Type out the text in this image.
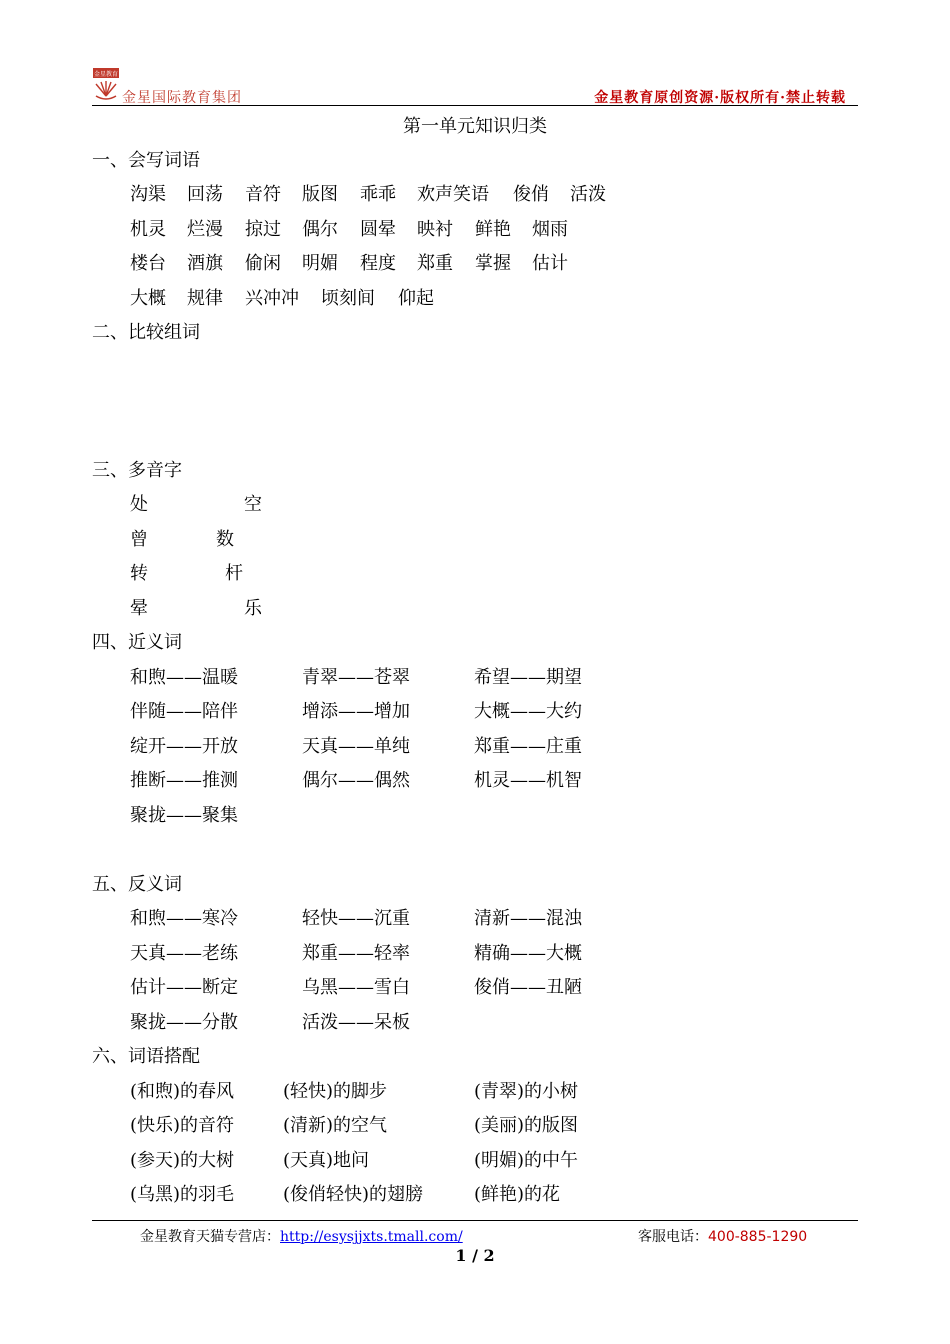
金星教育
金星国际教育集团	金星教育原创资源·版权所有·禁止转载
第一单元知识归类
一、会写词语
沟渠 回荡 音符 版图 乖乖 欢声笑语 俊俏 活泼
机灵 烂漫 掠过 偶尔 圆晕 映衬 鲜艳 烟雨
楼台 酒旗 偷闲 明媚 程度 郑重 掌握 估计
大概 规律 兴冲冲 顷刻间 仰起
二、比较组词
三、多音字
处	空
曾	数
转	杆
晕	乐
四、近义词
和煦——温暖	青翠——苍翠	希望——期望
伴随——陪伴	增添——增加	大概——大约
绽开——开放	天真——单纯	郑重——庄重
推断——推测	偶尔——偶然	机灵——机智
聚拢——聚集
五、反义词
和煦——寒冷	轻快——沉重	清新——混浊
天真——老练	郑重——轻率	精确——大概
估计——断定	乌黑——雪白	俊俏——丑陋
聚拢——分散	活泼——呆板
六、词语搭配
(和煦)的春风	(轻快)的脚步	(青翠)的小树
(快乐)的音符	(清新)的空气	(美丽)的版图
(参天)的大树	(天真)地问	(明媚)的中午
(乌黑)的羽毛	(俊俏轻快)的翅膀	(鲜艳)的花
金星教育天猫专营店：http://esysjjxts.tmall.com/	客服电话：400-885-1290
1 / 2
